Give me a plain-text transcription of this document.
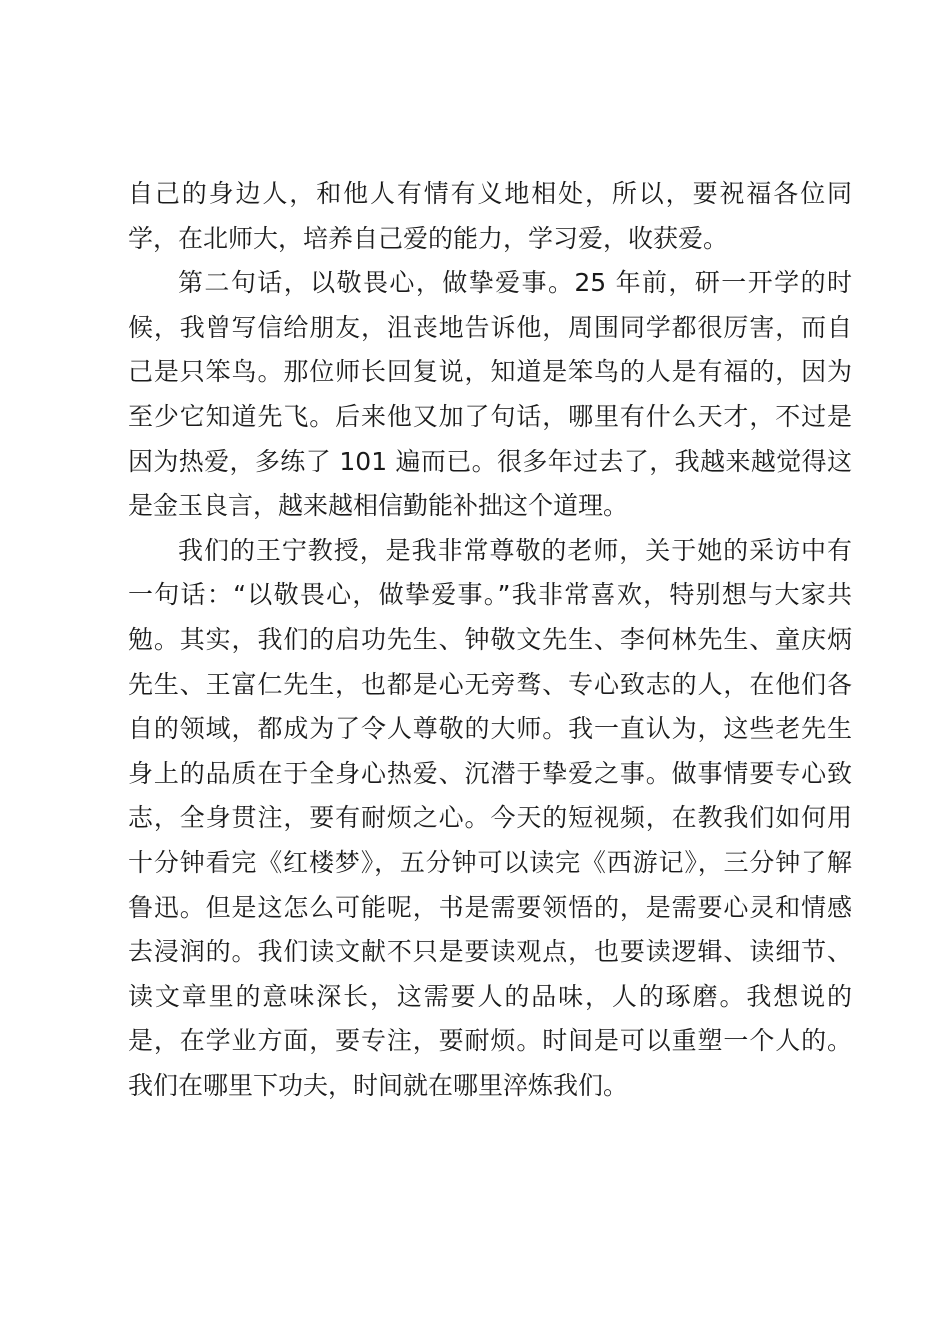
自己的身边人，和他人有情有义地相处，所以，要祝福各位同学，在北师大，培养自己爱的能力，学习爱，收获爱。

第二句话，以敬畏心，做挚爱事。25 年前，研一开学的时候，我曾写信给朋友，沮丧地告诉他，周围同学都很厉害，而自己是只笨鸟。那位师长回复说，知道是笨鸟的人是有福的，因为至少它知道先飞。后来他又加了句话，哪里有什么天才，不过是因为热爱，多练了 101 遍而已。很多年过去了，我越来越觉得这是金玉良言，越来越相信勤能补拙这个道理。

我们的王宁教授，是我非常尊敬的老师，关于她的采访中有一句话：“以敬畏心，做挚爱事。”我非常喜欢，特别想与大家共勉。其实，我们的启功先生、钟敬文先生、李何林先生、童庆炳先生、王富仁先生，也都是心无旁骛、专心致志的人，在他们各自的领域，都成为了令人尊敬的大师。我一直认为，这些老先生身上的品质在于全身心热爱、沉潜于挚爱之事。做事情要专心致志，全身贯注，要有耐烦之心。今天的短视频，在教我们如何用十分钟看完《红楼梦》，五分钟可以读完《西游记》，三分钟了解鲁迅。但是这怎么可能呢，书是需要领悟的，是需要心灵和情感去浸润的。我们读文献不只是要读观点，也要读逻辑、读细节、读文章里的意味深长，这需要人的品味，人的琢磨。我想说的是，在学业方面，要专注，要耐烦。时间是可以重塑一个人的。我们在哪里下功夫，时间就在哪里淬炼我们。
